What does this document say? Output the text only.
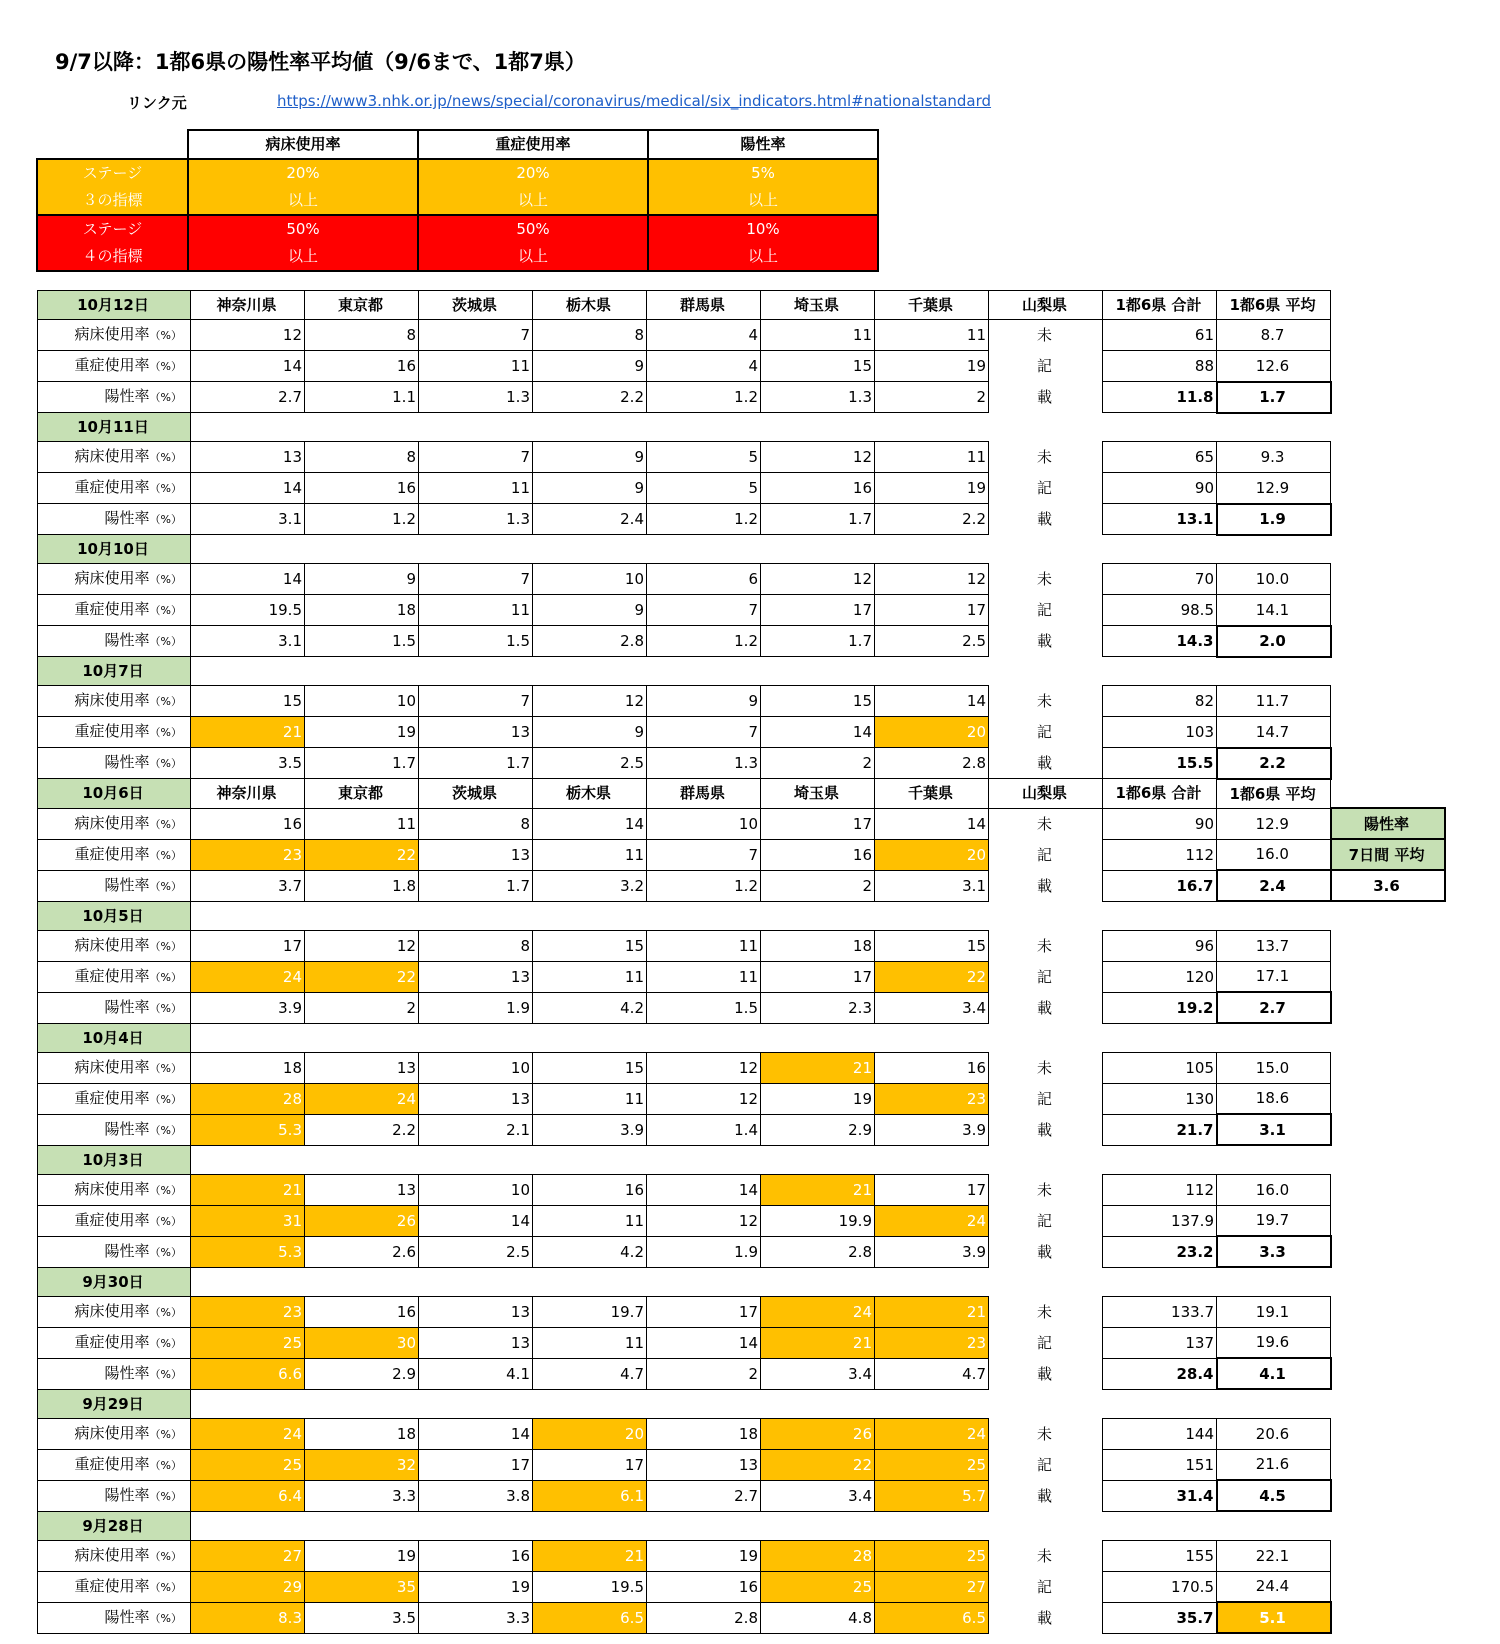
9/7以降：1都6県の陽性率平均値（9/6まで、1都7県）
リンク元	https://www3.nhk.or.jp/news/special/coronavirus/medical/six_indicators.html#nationalstandard
	病床使用率	重症使用率	陽性率
ステージ	20%	20%	5%
３の指標	以上	以上	以上
ステージ	50%	50%	10%
４の指標	以上	以上	以上
10月12日	神奈川県	東京都	茨城県	栃木県	群馬県	埼玉県	千葉県	山梨県	1都6県 合計	1都6県 平均	
病床使用率（%）	12	8	7	8	4	11	11	未	61	8.7	
重症使用率（%）	14	16	11	9	4	15	19	記	88	12.6	
陽性率（%）	2.7	1.1	1.3	2.2	1.2	1.3	2	載	11.8	1.7	
10月11日											
病床使用率（%）	13	8	7	9	5	12	11	未	65	9.3	
重症使用率（%）	14	16	11	9	5	16	19	記	90	12.9	
陽性率（%）	3.1	1.2	1.3	2.4	1.2	1.7	2.2	載	13.1	1.9	
10月10日											
病床使用率（%）	14	9	7	10	6	12	12	未	70	10.0	
重症使用率（%）	19.5	18	11	9	7	17	17	記	98.5	14.1	
陽性率（%）	3.1	1.5	1.5	2.8	1.2	1.7	2.5	載	14.3	2.0	
10月7日											
病床使用率（%）	15	10	7	12	9	15	14	未	82	11.7	
重症使用率（%）	21	19	13	9	7	14	20	記	103	14.7	
陽性率（%）	3.5	1.7	1.7	2.5	1.3	2	2.8	載	15.5	2.2	
10月6日	神奈川県	東京都	茨城県	栃木県	群馬県	埼玉県	千葉県	山梨県	1都6県 合計	1都6県 平均	
病床使用率（%）	16	11	8	14	10	17	14	未	90	12.9	陽性率
重症使用率（%）	23	22	13	11	7	16	20	記	112	16.0	7日間 平均
陽性率（%）	3.7	1.8	1.7	3.2	1.2	2	3.1	載	16.7	2.4	3.6
10月5日											
病床使用率（%）	17	12	8	15	11	18	15	未	96	13.7	
重症使用率（%）	24	22	13	11	11	17	22	記	120	17.1	
陽性率（%）	3.9	2	1.9	4.2	1.5	2.3	3.4	載	19.2	2.7	
10月4日											
病床使用率（%）	18	13	10	15	12	21	16	未	105	15.0	
重症使用率（%）	28	24	13	11	12	19	23	記	130	18.6	
陽性率（%）	5.3	2.2	2.1	3.9	1.4	2.9	3.9	載	21.7	3.1	
10月3日											
病床使用率（%）	21	13	10	16	14	21	17	未	112	16.0	
重症使用率（%）	31	26	14	11	12	19.9	24	記	137.9	19.7	
陽性率（%）	5.3	2.6	2.5	4.2	1.9	2.8	3.9	載	23.2	3.3	
9月30日											
病床使用率（%）	23	16	13	19.7	17	24	21	未	133.7	19.1	
重症使用率（%）	25	30	13	11	14	21	23	記	137	19.6	
陽性率（%）	6.6	2.9	4.1	4.7	2	3.4	4.7	載	28.4	4.1	
9月29日											
病床使用率（%）	24	18	14	20	18	26	24	未	144	20.6	
重症使用率（%）	25	32	17	17	13	22	25	記	151	21.6	
陽性率（%）	6.4	3.3	3.8	6.1	2.7	3.4	5.7	載	31.4	4.5	
9月28日											
病床使用率（%）	27	19	16	21	19	28	25	未	155	22.1	
重症使用率（%）	29	35	19	19.5	16	25	27	記	170.5	24.4	
陽性率（%）	8.3	3.5	3.3	6.5	2.8	4.8	6.5	載	35.7	5.1	
